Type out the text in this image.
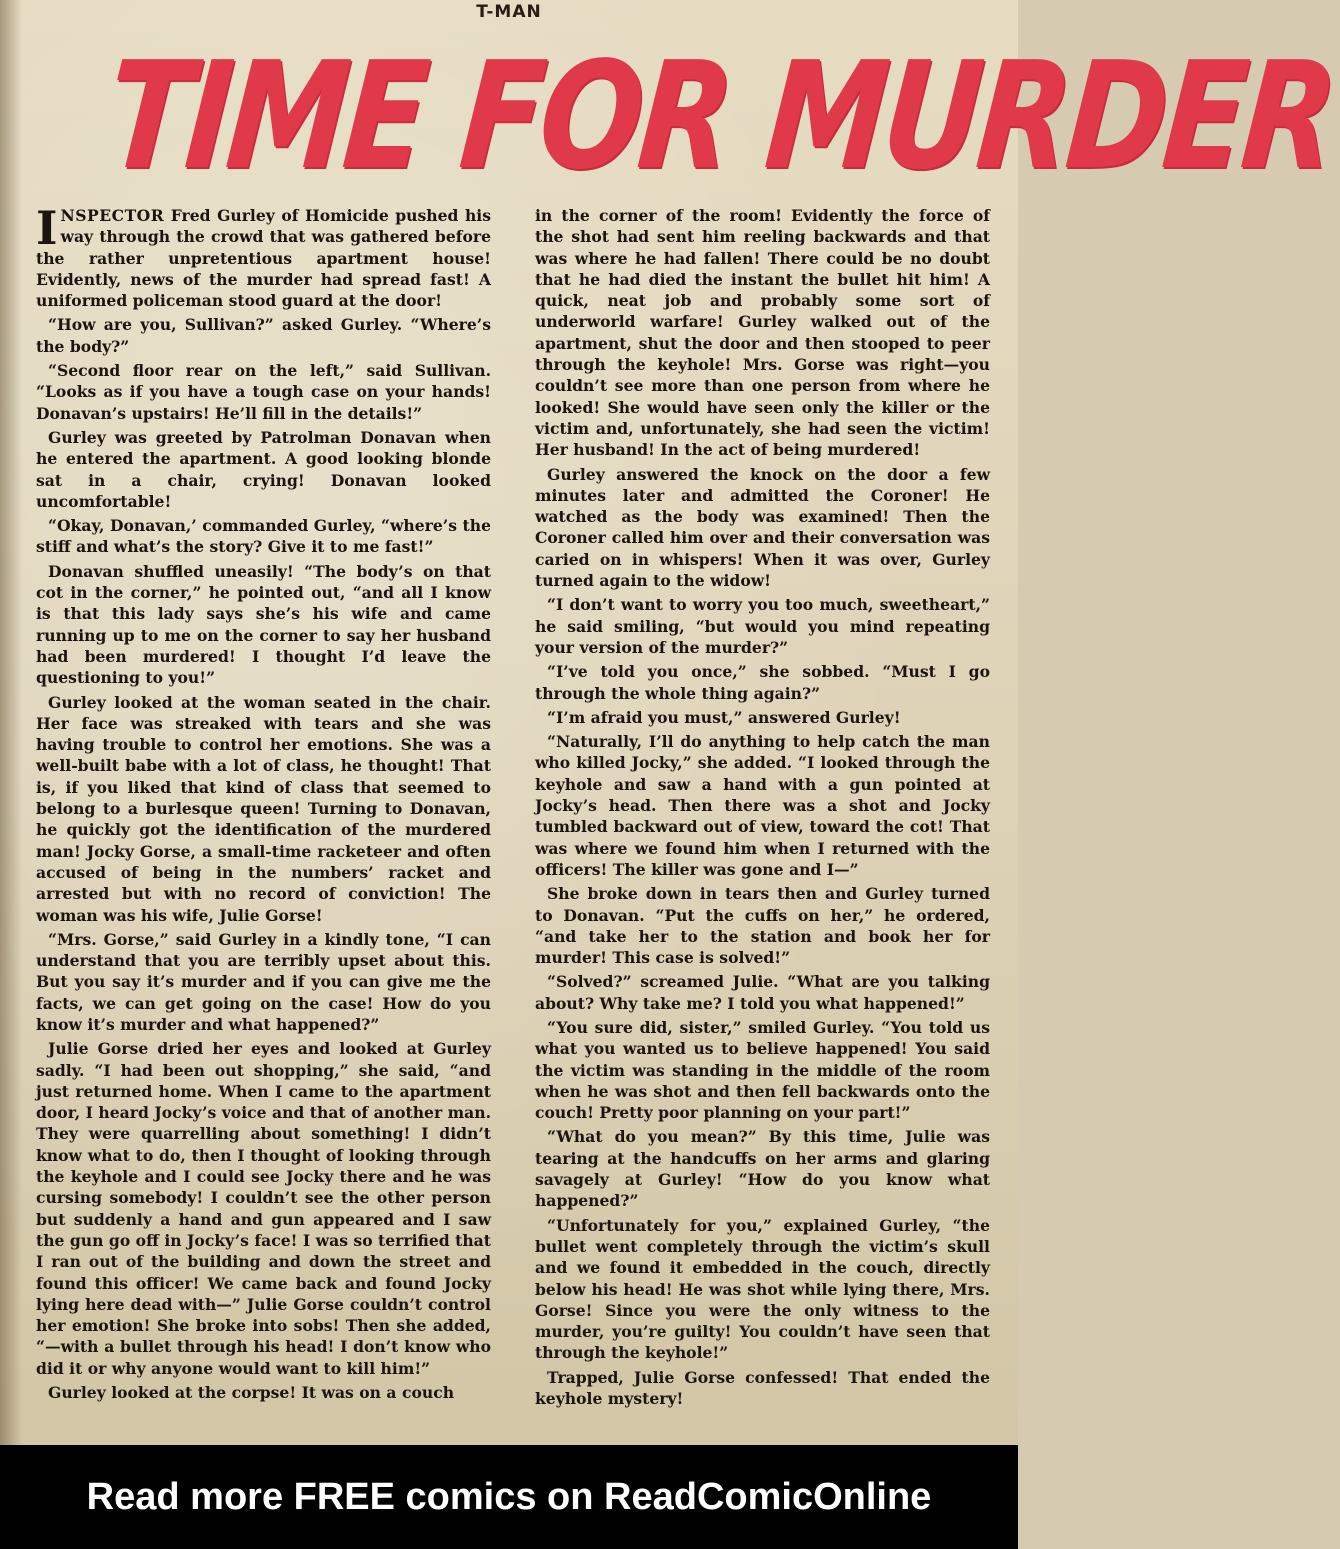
T-MAN
TIME FOR MURDER

INSPECTOR Fred Gurley of Homicide pushed his way through the crowd that was gathered before the rather unpretentious apartment house! Evidently, news of the murder had spread fast! A uniformed policeman stood guard at the door!

“How are you, Sullivan?” asked Gurley. “Where’s the body?”

“Second floor rear on the left,” said Sullivan. “Looks as if you have a tough case on your hands! Donavan’s upstairs! He’ll fill in the details!”

Gurley was greeted by Patrolman Donavan when he entered the apartment. A good looking blonde sat in a chair, crying! Donavan looked uncomfortable!

“Okay, Donavan,’ commanded Gurley, “where’s the stiff and what’s the story? Give it to me fast!”

Donavan shuffled uneasily! “The body’s on that cot in the corner,” he pointed out, “and all I know is that this lady says she’s his wife and came running up to me on the corner to say her husband had been murdered! I thought I’d leave the questioning to you!”

Gurley looked at the woman seated in the chair. Her face was streaked with tears and she was having trouble to control her emotions. She was a well-built babe with a lot of class, he thought! That is, if you liked that kind of class that seemed to belong to a burlesque queen! Turning to Donavan, he quickly got the identification of the murdered man! Jocky Gorse, a small-time racketeer and often accused of being in the numbers’ racket and arrested but with no record of conviction! The woman was his wife, Julie Gorse!

“Mrs. Gorse,” said Gurley in a kindly tone, “I can understand that you are terribly upset about this. But you say it’s murder and if you can give me the facts, we can get going on the case! How do you know it’s murder and what happened?”

Julie Gorse dried her eyes and looked at Gurley sadly. “I had been out shopping,” she said, “and just returned home. When I came to the apartment door, I heard Jocky’s voice and that of another man. They were quarrelling about something! I didn’t know what to do, then I thought of looking through the keyhole and I could see Jocky there and he was cursing somebody! I couldn’t see the other person but suddenly a hand and gun appeared and I saw the gun go off in Jocky’s face! I was so terrified that I ran out of the building and down the street and found this officer! We came back and found Jocky lying here dead with—” Julie Gorse couldn’t control her emotion! She broke into sobs! Then she added, “—with a bullet through his head! I don’t know who did it or why anyone would want to kill him!”

Gurley looked at the corpse! It was on a couch

in the corner of the room! Evidently the force of the shot had sent him reeling backwards and that was where he had fallen! There could be no doubt that he had died the instant the bullet hit him! A quick, neat job and probably some sort of underworld warfare! Gurley walked out of the apartment, shut the door and then stooped to peer through the keyhole! Mrs. Gorse was right—you couldn’t see more than one person from where he looked! She would have seen only the killer or the victim and, unfortunately, she had seen the victim! Her husband! In the act of being murdered!

Gurley answered the knock on the door a few minutes later and admitted the Coroner! He watched as the body was examined! Then the Coroner called him over and their conversation was caried on in whispers! When it was over, Gurley turned again to the widow!

“I don’t want to worry you too much, sweetheart,” he said smiling, “but would you mind repeating your version of the murder?”

“I’ve told you once,” she sobbed. “Must I go through the whole thing again?”

“I’m afraid you must,” answered Gurley!

“Naturally, I’ll do anything to help catch the man who killed Jocky,” she added. “I looked through the keyhole and saw a hand with a gun pointed at Jocky’s head. Then there was a shot and Jocky tumbled backward out of view, toward the cot! That was where we found him when I returned with the officers! The killer was gone and I—”

She broke down in tears then and Gurley turned to Donavan. “Put the cuffs on her,” he ordered, “and take her to the station and book her for murder! This case is solved!”

“Solved?” screamed Julie. “What are you talking about? Why take me? I told you what happened!”

“You sure did, sister,” smiled Gurley. “You told us what you wanted us to believe happened! You said the victim was standing in the middle of the room when he was shot and then fell backwards onto the couch! Pretty poor planning on your part!”

“What do you mean?” By this time, Julie was tearing at the handcuffs on her arms and glaring savagely at Gurley! “How do you know what happened?”

“Unfortunately for you,” explained Gurley, “the bullet went completely through the victim’s skull and we found it embedded in the couch, directly below his head! He was shot while lying there, Mrs. Gorse! Since you were the only witness to the murder, you’re guilty! You couldn’t have seen that through the keyhole!”

Trapped, Julie Gorse confessed! That ended the keyhole mystery!

Read more FREE comics on ReadComicOnline
